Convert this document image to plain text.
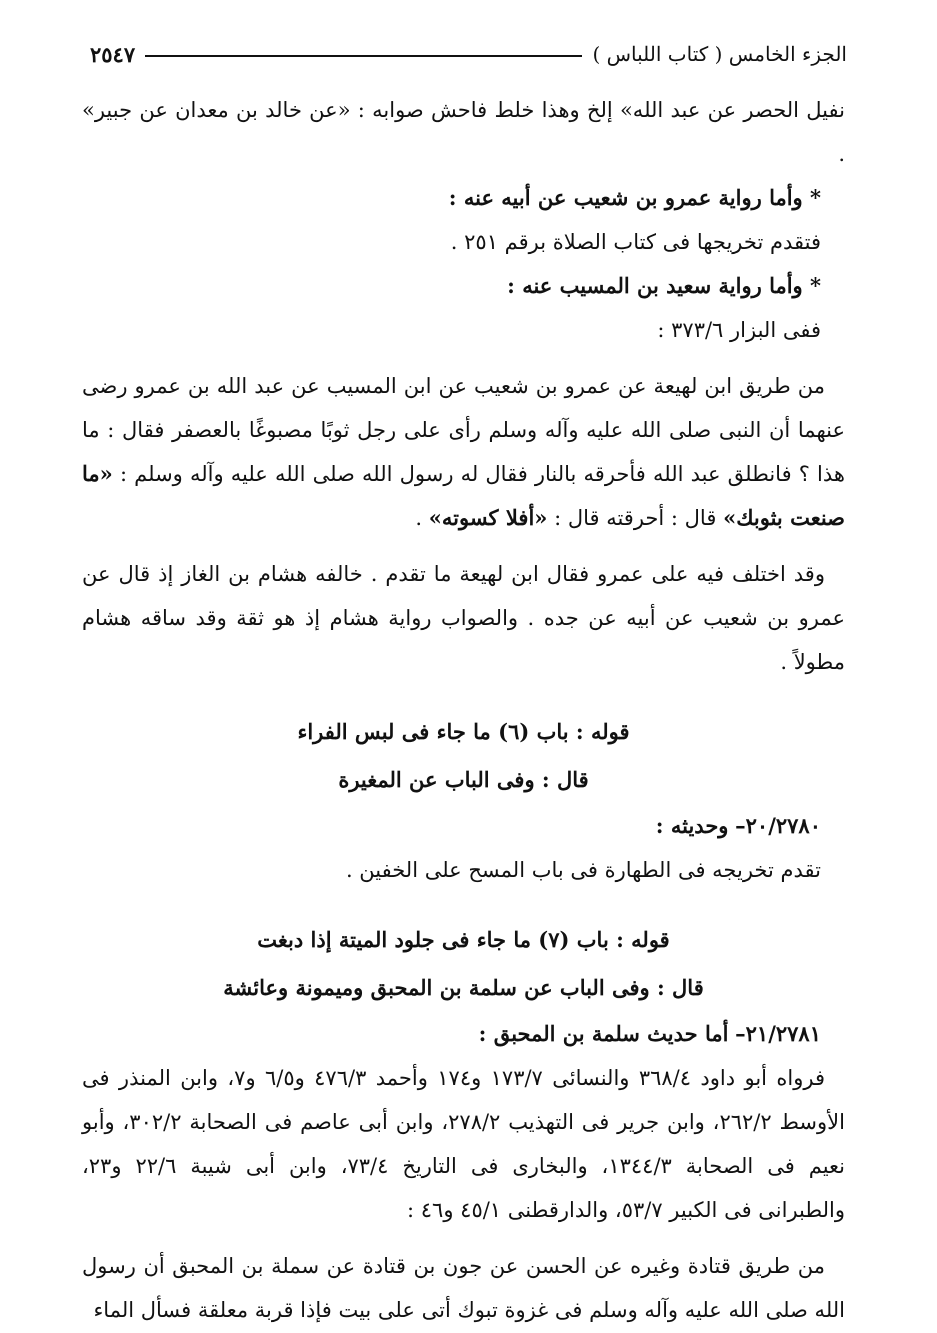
الجزء الخامس ( كتاب اللباس )
٢٥٤٧

نفيل الحصر عن عبد الله» إلخ وهذا خلط فاحش صوابه : «عن خالد بن معدان عن جبير» .

* وأما رواية عمرو بن شعيب عن أبيه عنه :

فتقدم تخريجها فى كتاب الصلاة برقم ٢٥١ .

* وأما رواية سعيد بن المسيب عنه :

ففى البزار ٣٧٣/٦ :

من طريق ابن لهيعة عن عمرو بن شعيب عن ابن المسيب عن عبد الله بن عمرو رضى عنهما أن النبى صلى الله عليه وآله وسلم رأى على رجل ثوبًا مصبوغًا بالعصفر فقال : ما هذا ؟ فانطلق عبد الله فأحرقه بالنار فقال له رسول الله صلى الله عليه وآله وسلم : «ما صنعت بثوبك» قال : أحرقته قال : «أفلا كسوته» .

وقد اختلف فيه على عمرو فقال ابن لهيعة ما تقدم . خالفه هشام بن الغاز إذ قال عن عمرو بن شعيب عن أبيه عن جده . والصواب رواية هشام إذ هو ثقة وقد ساقه هشام مطولاً .

قوله : باب (٦) ما جاء فى لبس الفراء

قال : وفى الباب عن المغيرة

٢٠/٢٧٨٠– وحديثه :

تقدم تخريجه فى الطهارة فى باب المسح على الخفين .

قوله : باب (٧) ما جاء فى جلود الميتة إذا دبغت

قال : وفى الباب عن سلمة بن المحبق وميمونة وعائشة

٢١/٢٧٨١– أما حديث سلمة بن المحبق :

فرواه أبو داود ٣٦٨/٤ والنسائى ١٧٣/٧ و١٧٤ وأحمد ٤٧٦/٣ و٦/٥ و٧، وابن المنذر فى الأوسط ٢٦٢/٢، وابن جرير فى التهذيب ٢٧٨/٢، وابن أبى عاصم فى الصحابة ٣٠٢/٢، وأبو نعيم فى الصحابة ١٣٤٤/٣، والبخارى فى التاريخ ٧٣/٤، وابن أبى شيبة ٢٢/٦ و٢٣، والطبرانى فى الكبير ٥٣/٧، والدارقطنى ٤٥/١ و٤٦ :

من طريق قتادة وغيره عن الحسن عن جون بن قتادة عن سملة بن المحبق أن رسول الله صلى الله عليه وآله وسلم فى غزوة تبوك أتى على بيت فإذا قربة معلقة فسأل الماء
